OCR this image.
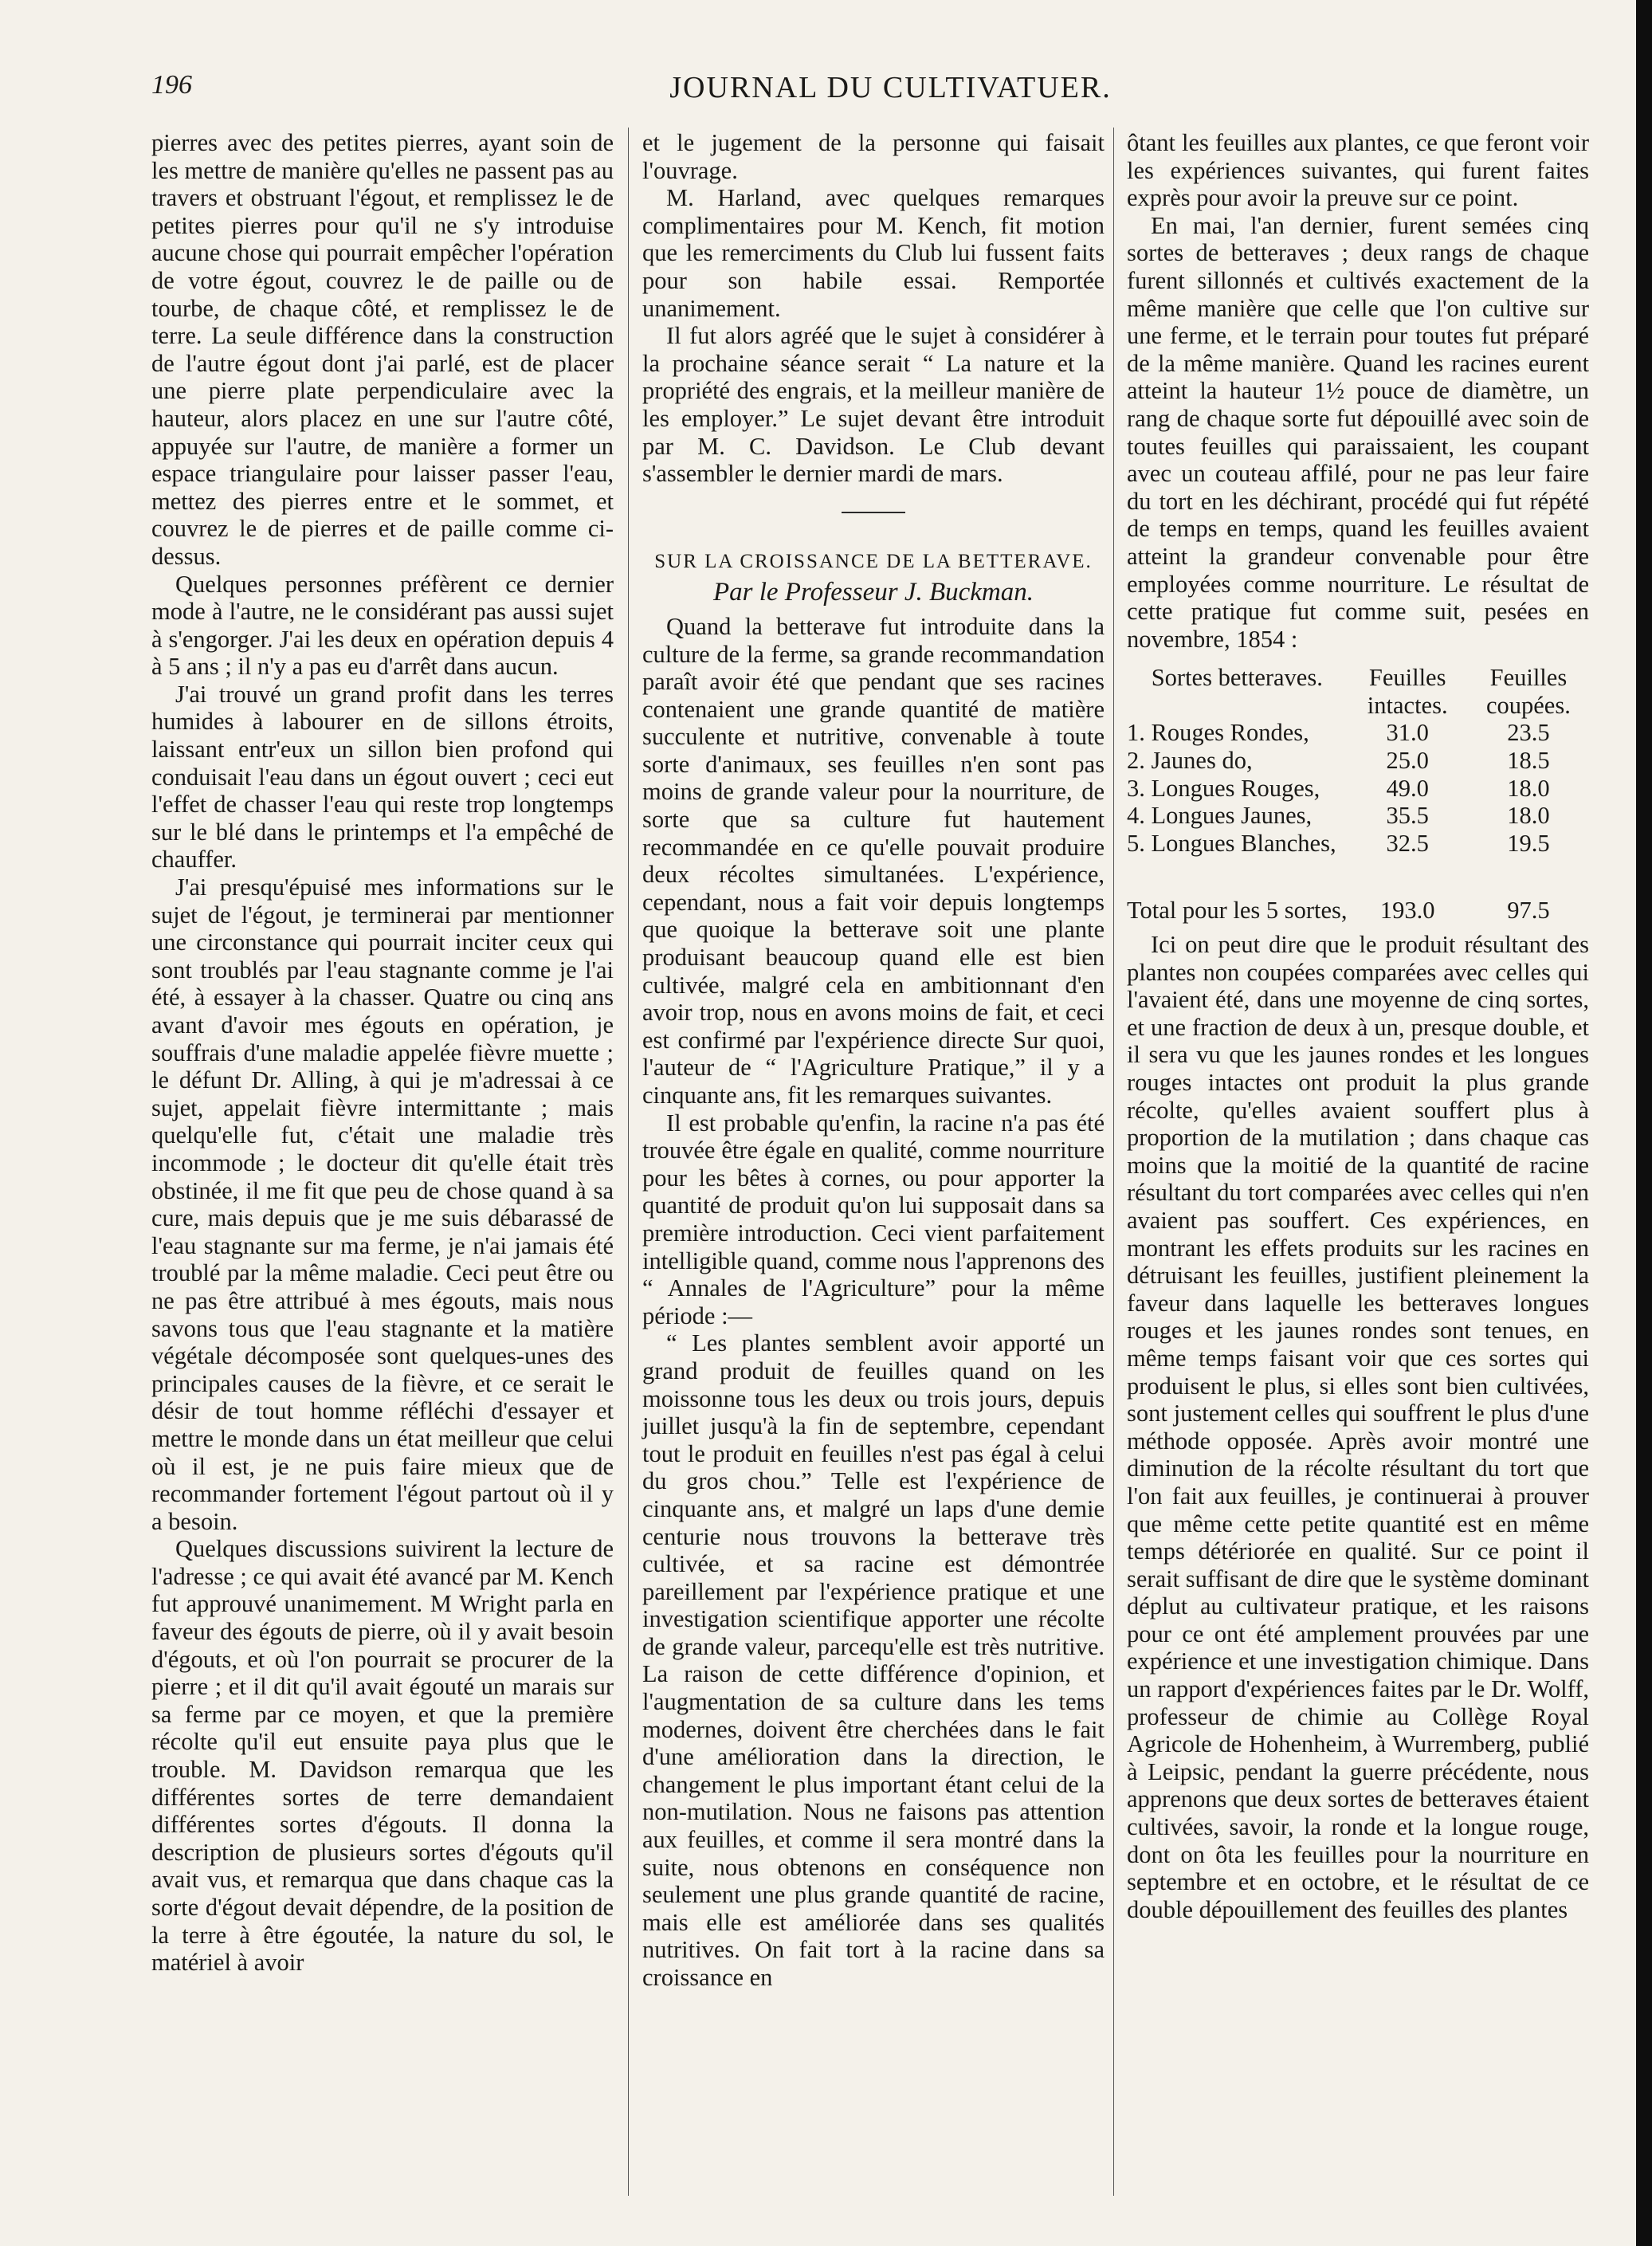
196	JOURNAL DU CULTIVATUER.

pierres avec des petites pierres, ayant soin de les mettre de manière qu'elles ne passent pas au travers et obstruant l'égout, et remplissez le de petites pierres pour qu'il ne s'y introduise aucune chose qui pourrait empêcher l'opération de votre égout, couvrez le de paille ou de tourbe, de chaque côté, et remplissez le de terre. La seule différence dans la construction de l'autre égout dont j'ai parlé, est de placer une pierre plate perpendiculaire avec la hauteur, alors placez en une sur l'autre côté, appuyée sur l'autre, de manière a former un espace triangulaire pour laisser passer l'eau, mettez des pierres entre et le sommet, et couvrez le de pierres et de paille comme ci-dessus.

Quelques personnes préfèrent ce dernier mode à l'autre, ne le considérant pas aussi sujet à s'engorger. J'ai les deux en opération depuis 4 à 5 ans ; il n'y a pas eu d'arrêt dans aucun.

J'ai trouvé un grand profit dans les terres humides à labourer en de sillons étroits, laissant entr'eux un sillon bien profond qui conduisait l'eau dans un égout ouvert ; ceci eut l'effet de chasser l'eau qui reste trop longtemps sur le blé dans le printemps et l'a empêché de chauffer.

J'ai presqu'épuisé mes informations sur le sujet de l'égout, je terminerai par mentionner une circonstance qui pourrait inciter ceux qui sont troublés par l'eau stagnante comme je l'ai été, à essayer à la chasser. Quatre ou cinq ans avant d'avoir mes égouts en opération, je souffrais d'une maladie appelée fièvre muette ; le défunt Dr. Alling, à qui je m'adressai à ce sujet, appelait fièvre intermittante ; mais quelqu'elle fut, c'était une maladie très incommode ; le docteur dit qu'elle était très obstinée, il me fit que peu de chose quand à sa cure, mais depuis que je me suis débarassé de l'eau stagnante sur ma ferme, je n'ai jamais été troublé par la même maladie. Ceci peut être ou ne pas être attribué à mes égouts, mais nous savons tous que l'eau stagnante et la matière végétale décomposée sont quelques-unes des principales causes de la fièvre, et ce serait le désir de tout homme réfléchi d'essayer et mettre le monde dans un état meilleur que celui où il est, je ne puis faire mieux que de recommander fortement l'égout partout où il y a besoin.

Quelques discussions suivirent la lecture de l'adresse ; ce qui avait été avancé par M. Kench fut approuvé unanimement. M Wright parla en faveur des égouts de pierre, où il y avait besoin d'égouts, et où l'on pourrait se procurer de la pierre ; et il dit qu'il avait égouté un marais sur sa ferme par ce moyen, et que la première récolte qu'il eut ensuite paya plus que le trouble. M. Davidson remarqua que les différentes sortes de terre demandaient différentes sortes d'égouts. Il donna la description de plusieurs sortes d'égouts qu'il avait vus, et remarqua que dans chaque cas la sorte d'égout devait dépendre, de la position de la terre à être égoutée, la nature du sol, le matériel à avoir

et le jugement de la personne qui faisait l'ouvrage.

M. Harland, avec quelques remarques complimentaires pour M. Kench, fit motion que les remerciments du Club lui fussent faits pour son habile essai. Remportée unanimement.

Il fut alors agréé que le sujet à considérer à la prochaine séance serait “ La nature et la propriété des engrais, et la meilleur manière de les employer.” Le sujet devant être introduit par M. C. Davidson. Le Club devant s'assembler le dernier mardi de mars.

SUR LA CROISSANCE DE LA BETTERAVE.
Par le Professeur J. Buckman.

Quand la betterave fut introduite dans la culture de la ferme, sa grande recommandation paraît avoir été que pendant que ses racines contenaient une grande quantité de matière succulente et nutritive, convenable à toute sorte d'animaux, ses feuilles n'en sont pas moins de grande valeur pour la nourriture, de sorte que sa culture fut hautement recommandée en ce qu'elle pouvait produire deux récoltes simultanées. L'expérience, cependant, nous a fait voir depuis longtemps que quoique la betterave soit une plante produisant beaucoup quand elle est bien cultivée, malgré cela en ambitionnant d'en avoir trop, nous en avons moins de fait, et ceci est confirmé par l'expérience directe Sur quoi, l'auteur de “ l'Agriculture Pratique,” il y a cinquante ans, fit les remarques suivantes.

Il est probable qu'enfin, la racine n'a pas été trouvée être égale en qualité, comme nourriture pour les bêtes à cornes, ou pour apporter la quantité de produit qu'on lui supposait dans sa première introduction. Ceci vient parfaitement intelligible quand, comme nous l'apprenons des “ Annales de l'Agriculture” pour la même période :—

“ Les plantes semblent avoir apporté un grand produit de feuilles quand on les moissonne tous les deux ou trois jours, depuis juillet jusqu'à la fin de septembre, cependant tout le produit en feuilles n'est pas égal à celui du gros chou.” Telle est l'expérience de cinquante ans, et malgré un laps d'une demie centurie nous trouvons la betterave très cultivée, et sa racine est démontrée pareillement par l'expérience pratique et une investigation scientifique apporter une récolte de grande valeur, parcequ'elle est très nutritive. La raison de cette différence d'opinion, et l'augmentation de sa culture dans les tems modernes, doivent être cherchées dans le fait d'une amélioration dans la direction, le changement le plus important étant celui de la non-mutilation. Nous ne faisons pas attention aux feuilles, et comme il sera montré dans la suite, nous obtenons en conséquence non seulement une plus grande quantité de racine, mais elle est améliorée dans ses qualités nutritives. On fait tort à la racine dans sa croissance en

ôtant les feuilles aux plantes, ce que feront voir les expériences suivantes, qui furent faites exprès pour avoir la preuve sur ce point.

En mai, l'an dernier, furent semées cinq sortes de betteraves ; deux rangs de chaque furent sillonnés et cultivés exactement de la même manière que celle que l'on cultive sur une ferme, et le terrain pour toutes fut préparé de la même manière. Quand les racines eurent atteint la hauteur 1½ pouce de diamètre, un rang de chaque sorte fut dépouillé avec soin de toutes feuilles qui paraissaient, les coupant avec un couteau affilé, pour ne pas leur faire du tort en les déchirant, procédé qui fut répété de temps en temps, quand les feuilles avaient atteint la grandeur convenable pour être employées comme nourriture. Le résultat de cette pratique fut comme suit, pesées en novembre, 1854 :

Sortes betteraves.	Feuilles intactes.	Feuilles coupées.
1. Rouges Rondes,	31.0	23.5
2. Jaunes do,	25.0	18.5
3. Longues Rouges,	49.0	18.0
4. Longues Jaunes,	35.5	18.0
5. Longues Blanches,	32.5	19.5
Total pour les 5 sortes,	193.0	97.5

Ici on peut dire que le produit résultant des plantes non coupées comparées avec celles qui l'avaient été, dans une moyenne de cinq sortes, et une fraction de deux à un, presque double, et il sera vu que les jaunes rondes et les longues rouges intactes ont produit la plus grande récolte, qu'elles avaient souffert plus à proportion de la mutilation ; dans chaque cas moins que la moitié de la quantité de racine résultant du tort comparées avec celles qui n'en avaient pas souffert. Ces expériences, en montrant les effets produits sur les racines en détruisant les feuilles, justifient pleinement la faveur dans laquelle les betteraves longues rouges et les jaunes rondes sont tenues, en même temps faisant voir que ces sortes qui produisent le plus, si elles sont bien cultivées, sont justement celles qui souffrent le plus d'une méthode opposée. Après avoir montré une diminution de la récolte résultant du tort que l'on fait aux feuilles, je continuerai à prouver que même cette petite quantité est en même temps détériorée en qualité. Sur ce point il serait suffisant de dire que le système dominant déplut au cultivateur pratique, et les raisons pour ce ont été amplement prouvées par une expérience et une investigation chimique. Dans un rapport d'expériences faites par le Dr. Wolff, professeur de chimie au Collège Royal Agricole de Hohenheim, à Wurremberg, publié à Leipsic, pendant la guerre précédente, nous apprenons que deux sortes de betteraves étaient cultivées, savoir, la ronde et la longue rouge, dont on ôta les feuilles pour la nourriture en septembre et en octobre, et le résultat de ce double dépouillement des feuilles des plantes
